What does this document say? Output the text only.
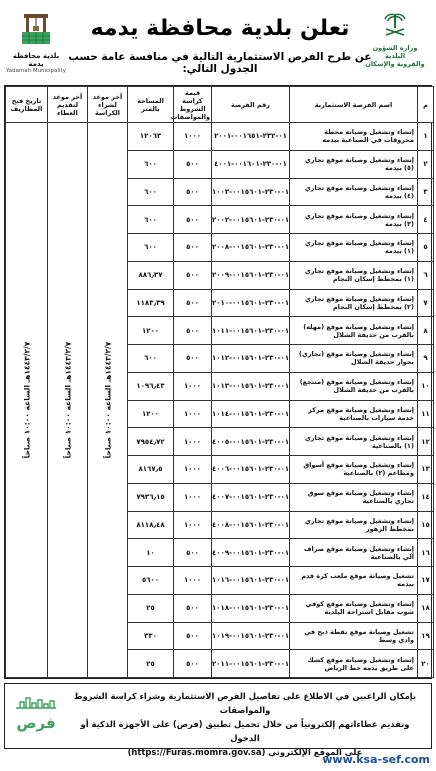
وزارة الشؤون البلدية
والقروية والإسكان
تعلن بلدية محافظة يدمه
عن طرح الفرص الاستثمارية التالية في منافسة عامة حسب الجدول التالي:
بلدية محافظة يدمة
Yadamah Municipality
م	اسم الفرصة الاستثمارية	رقم الفرصة	قيمة كراسة الشروط والمواصفات	المساحة بالمتر	آخر موعد لشراء الكراسة	آخر موعد لتقديم العطاء	تاريخ فتح المظاريف
١	إنشاء وتشغيل وصيانة محطة محروقات في الصناعية بيدمه	٠١-٢٣٢-٠٠١٦٥١-٢٠٠١	١٠٠٠	١٢٠٦٣	١٤٤٣/٢/٧هـ الساعة ١٠:٠٠ صباحاً	١٤٤٣/٢/٧هـ الساعة ١٠:٠٠ صباحاً	١٤٤٣/٢/٧هـ الساعة ١٠:٠٠ صباحاً

٢	إنشاء وتشغيل وصيانة موقع تجاري (٥) بيدمه	٠١-٢٣٠-٠٠١٦٠١-٤٠٠١	٥٠٠	٦٠٠			
٣	إنشاء وتشغيل وصيانة موقع تجاري (٤) بيدمه	٠١-٢٣٠-٠٠١٥٦٠١-١٠٠٣	٥٠٠	٦٠٠			
٤	إنشاء وتشغيل وصيانة موقع تجاري (٣) بيدمه	٠١-٢٣٠-٠٠١٥٦٠١-٢٠٠٢	٥٠٠	٦٠٠			
٥	إنشاء وتشغيل وصيانة موقع تجاري (١) بيدمه	٠١-٢٣٠-٠٠١٥٦٠١-٢٠٠٨	٥٠٠	٦٠٠			
٦	إنشاء وتشغيل وصيانة موقع تجاري (١) بمخطط إسكان النجام	٠١-٢٣٠-٠٠١٥٦٠١-٢٠٠٩	٥٠٠	٨٨٦٫٣٧			
٧	إنشاء وتشغيل وصيانة موقع تجاري (٢) بمخطط إسكان النجام	٠١-٢٣٠-٠٠١٥٦٠١-٢٠١٠	٥٠٠	١١٨٣٫٣٩			
٨	إنشاء وتشغيل وصيانة موقع (مهله) بالقرب من حديقة الشلال	٠١-٢٣٠-٠٠١٥٦٠١-١٠١١	٥٠٠	١٢٠٠			
٩	إنشاء وتشغيل وصيانة موقع (تجاري) بجوار حديقة الشلال	٠١-٢٣٠-٠٠١٥٦٠١-١٠١٢	٥٠٠	٦٠٠			
١٠	إنشاء وتشغيل وصيانة موقع (منتجع) بالقرب من حديقة الشلال	٠١-٢٣٠-٠٠١٥٦٠١-١٠١٣	١٠٠٠	١٠٩٦٫٤٣			
١١	إنشاء وتشغيل وصيانة موقع مركز خدمة سيارات بالصناعية	٠١-٢٣٠-٠٠١٥٦٠١-١٠١٤	١٠٠٠	١٢٠٠			
١٢	إنشاء وتشغيل وصيانة موقع تجاري (١) بالصناعية	٠١-٢٣٠-٠٠١٥٦٠١-٤٠٠٥	١٠٠٠	٧٩٥٤٫٧٢			
١٣	إنشاء وتشغيل وصيانة موقع أسواق ومطاعم (٢) بالصناعية	٠١-٢٣٠-٠٠١٥٦٠١-٤٠٠٦	١٠٠٠	٨١٦٧٫٥			
١٤	إنشاء وتشغيل وصيانة موقع سوق تجاري بالصناعية	٠١-٢٣٠-٠٠١٥٦٠١-٤٠٠٧	١٠٠٠	٧٩٣٦٫١٥			
١٥	إنشاء وتشغيل وصيانة موقع تجاري بمخطط الزهور	٠١-٢٣٠-٠٠١٥٦٠١-٤٠٠٨	١٠٠٠	٨١١٨٫٤٨			
١٦	إنشاء وتشغيل وصيانة موقع صراف آلي بالصناعية	٠١-٢٣٠-٠٠١٥٦٠١-٤٠٠٩	٥٠٠	١٠			
١٧	تشغيل وصيانة موقع ملعب كرة قدم بيدمه	٠١-٢٣٠-٠٠١٥٦٠١-١٠١٦	١٠٠٠	٥٦٠٠			
١٨	إنشاء وتشغيل وصيانة موقع كوفي شوب مقابل استراحة البلدية	٠١-٢٣٠-٠٠١٥٦٠١-١٠١٨	٥٠٠	٢٥			
١٩	تشغيل وصيانة موقع نقطة ذبح في وادي وسط	٠١-٢٣٠-٠٠١٥٦٠١-١٠١٩	٥٠٠	٣٣٠			
٢٠	إنشاء وتشغيل وصيانة موقع كشك على طريق يدمه خط الرياض	٠١-٢٣٠-٠٠١٥٦٠١-٢٠١١	٥٠٠	٢٥			
بإمكان الراغبين في الاطلاع على تفاصيل الفرص الاستثمارية وشراء كراسة الشروط والمواصفات
وتقديم عطاءاتهم إلكترونياً من خلال تحميل تطبيق (فرص) على الأجهزة الذكية أو الدخول
على الموقع الإلكتروني (https://Furas.momra.gov.sa)
فرص
www.ksa-sef.com
